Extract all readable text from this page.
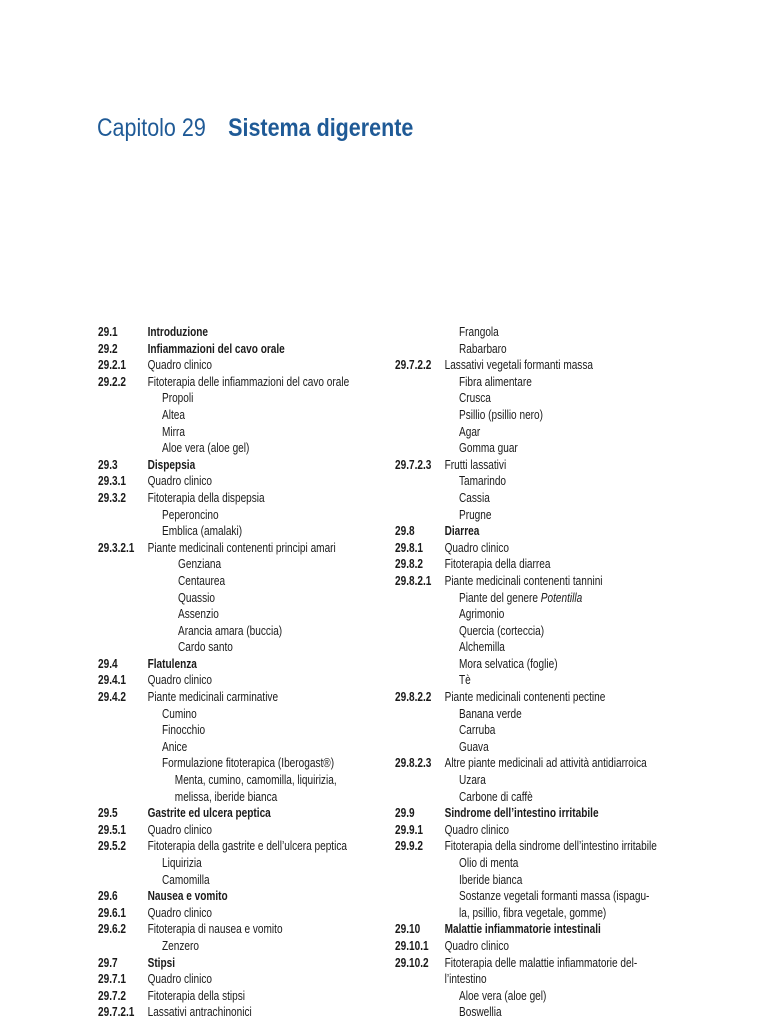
Capitolo 29 Sistema digerente
29.1 Introduzione
29.2 Infiammazioni del cavo orale
29.2.1 Quadro clinico
29.2.2 Fitoterapia delle infiammazioni del cavo orale
Propoli
Altea
Mirra
Aloe vera (aloe gel)
29.3 Dispepsia
29.3.1 Quadro clinico
29.3.2 Fitoterapia della dispepsia
Peperoncino
Emblica (amalaki)
29.3.2.1 Piante medicinali contenenti principi amari
Genziana
Centaurea
Quassio
Assenzio
Arancia amara (buccia)
Cardo santo
29.4 Flatulenza
29.4.1 Quadro clinico
29.4.2 Piante medicinali carminative
Cumino
Finocchio
Anice
Formulazione fitoterapica (Iberogast®)
Menta, cumino, camomilla, liquirizia,
melissa, iberide bianca
29.5 Gastrite ed ulcera peptica
29.5.1 Quadro clinico
29.5.2 Fitoterapia della gastrite e dell’ulcera peptica
Liquirizia
Camomilla
29.6 Nausea e vomito
29.6.1 Quadro clinico
29.6.2 Fitoterapia di nausea e vomito
Zenzero
29.7 Stipsi
29.7.1 Quadro clinico
29.7.2 Fitoterapia della stipsi
29.7.2.1 Lassativi antrachinonici
Frangola
Rabarbaro
29.7.2.2 Lassativi vegetali formanti massa
Fibra alimentare
Crusca
Psillio (psillio nero)
Agar
Gomma guar
29.7.2.3 Frutti lassativi
Tamarindo
Cassia
Prugne
29.8 Diarrea
29.8.1 Quadro clinico
29.8.2 Fitoterapia della diarrea
29.8.2.1 Piante medicinali contenenti tannini
Piante del genere Potentilla
Agrimonio
Quercia (corteccia)
Alchemilla
Mora selvatica (foglie)
Tè
29.8.2.2 Piante medicinali contenenti pectine
Banana verde
Carruba
Guava
29.8.2.3 Altre piante medicinali ad attività antidiarroica
Uzara
Carbone di caffè
29.9 Sindrome dell’intestino irritabile
29.9.1 Quadro clinico
29.9.2 Fitoterapia della sindrome dell’intestino irritabile
Olio di menta
Iberide bianca
Sostanze vegetali formanti massa (ispagu-
la, psillio, fibra vegetale, gomme)
29.10 Malattie infiammatorie intestinali
29.10.1 Quadro clinico
29.10.2 Fitoterapia delle malattie infiammatorie del-
l’intestino
Aloe vera (aloe gel)
Boswellia
